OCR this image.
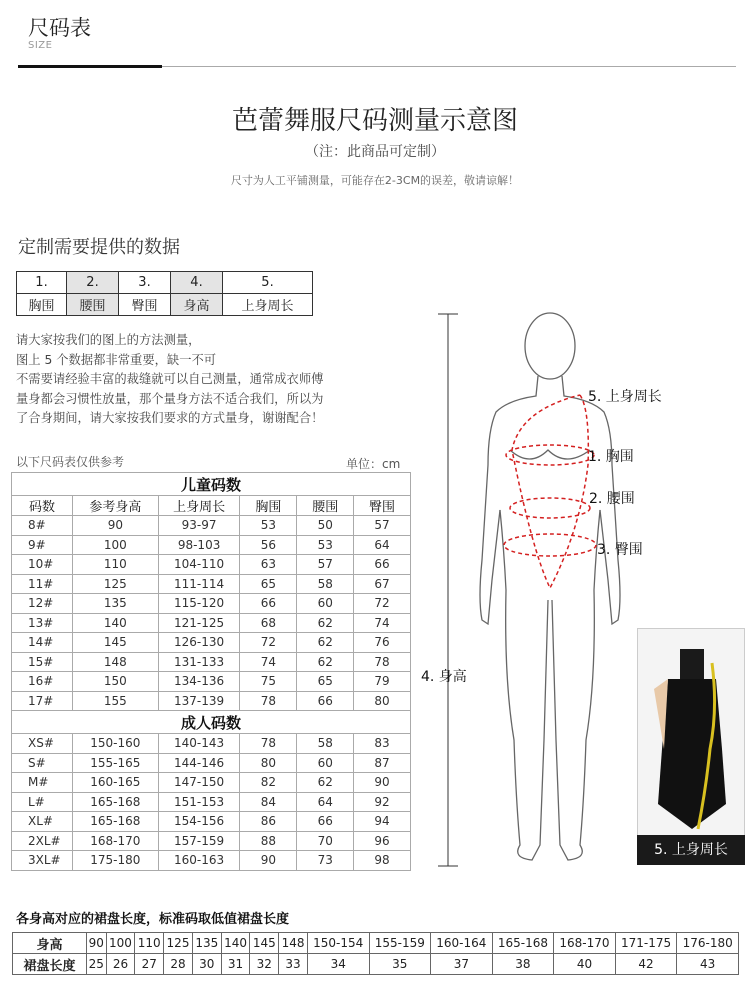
尺码表
SIZE
芭蕾舞服尺码测量示意图
（注：此商品可定制）
尺寸为人工平铺测量，可能存在2-3CM的误差，敬请谅解！
定制需要提供的数据
1.	2.	3.	4.	5.
胸围	腰围	臀围	身高	上身周长
请大家按我们的图上的方法测量，
图上 5 个数据都非常重要，缺一不可
不需要请经验丰富的裁缝就可以自己测量，通常成衣师傅
量身都会习惯性放量，那个量身方法不适合我们，所以为
了合身期间，请大家按我们要求的方式量身，谢谢配合！
以下尺码表仅供参考	单位：cm
儿童码数					
码数	参考身高	上身周长	胸围	腰围	臀围
8#	90	93-97	53	50	57
9#	100	98-103	56	53	64
10#	110	104-110	63	57	66
11#	125	111-114	65	58	67
12#	135	115-120	66	60	72
13#	140	121-125	68	62	74
14#	145	126-130	72	62	76
15#	148	131-133	74	62	78
16#	150	134-136	75	65	79
17#	155	137-139	78	66	80
成人码数					
XS#	150-160	140-143	78	58	83
S#	155-165	144-146	80	60	87
M#	160-165	147-150	82	62	90
L#	165-168	151-153	84	64	92
XL#	165-168	154-156	86	66	94
2XL#	168-170	157-159	88	70	96
3XL#	175-180	160-163	90	73	98
各身高对应的裙盘长度，标准码取低值裙盘长度
身高	90	100	110	125	135	140	145	148	150-154	155-159	160-164	165-168	168-170	171-175	176-180
裙盘长度	25	26	27	28	30	31	32	33	34	35	37	38	40	42	43
5. 上身周长
1. 胸围
2. 腰围
3. 臀围
4. 身高
5. 上身周长
